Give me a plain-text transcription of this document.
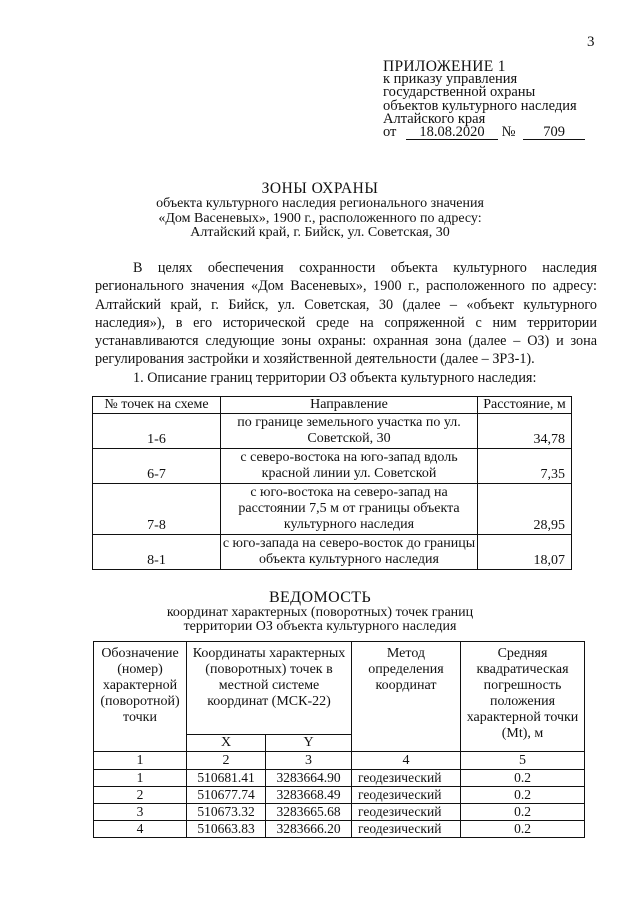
3
ПРИЛОЖЕНИЕ 1
к приказу управления
государственной охраны
объектов культурного наследия
Алтайского края
от 18.08.2020 № 709
ЗОНЫ ОХРАНЫ
объекта культурного наследия регионального значения
«Дом Васеневых», 1900 г., расположенного по адресу:
Алтайский край, г. Бийск, ул. Советская, 30

В целях обеспечения сохранности объекта культурного наследия регионального значения «Дом Васеневых», 1900 г., расположенного по адресу: Алтайский край, г. Бийск, ул. Советская, 30 (далее – «объект культурного наследия»), в его исторической среде на сопряженной с ним территории устанавливаются следующие зоны охраны: охранная зона (далее – ОЗ) и зона регулирования застройки и хозяйственной деятельности (далее – ЗРЗ-1).

1. Описание границ территории ОЗ объекта культурного наследия:

№ точек на схеме	Направление	Расстояние, м
1-6	по границе земельного участка по ул. Советской, 30	34,78
6-7	с северо-востока на юго-запад вдоль красной линии ул. Советской	7,35
7-8	с юго-востока на северо-запад на расстоянии 7,5 м от границы объекта культурного наследия	28,95
8-1	с юго-запада на северо-восток до границы объекта культурного наследия	18,07
ВЕДОМОСТЬ
координат характерных (поворотных) точек границ
территории ОЗ объекта культурного наследия
Обозначение (номер) характерной (поворотной) точки	Координаты характерных (поворотных) точек в местной системе координат (МСК-22)		Метод определения координат	Средняя квадратическая погрешность положения характерной точки (Mt), м
	X	Y		
1	2	3	4	5
1	510681.41	3283664.90	геодезический	0.2
2	510677.74	3283668.49	геодезический	0.2
3	510673.32	3283665.68	геодезический	0.2
4	510663.83	3283666.20	геодезический	0.2
